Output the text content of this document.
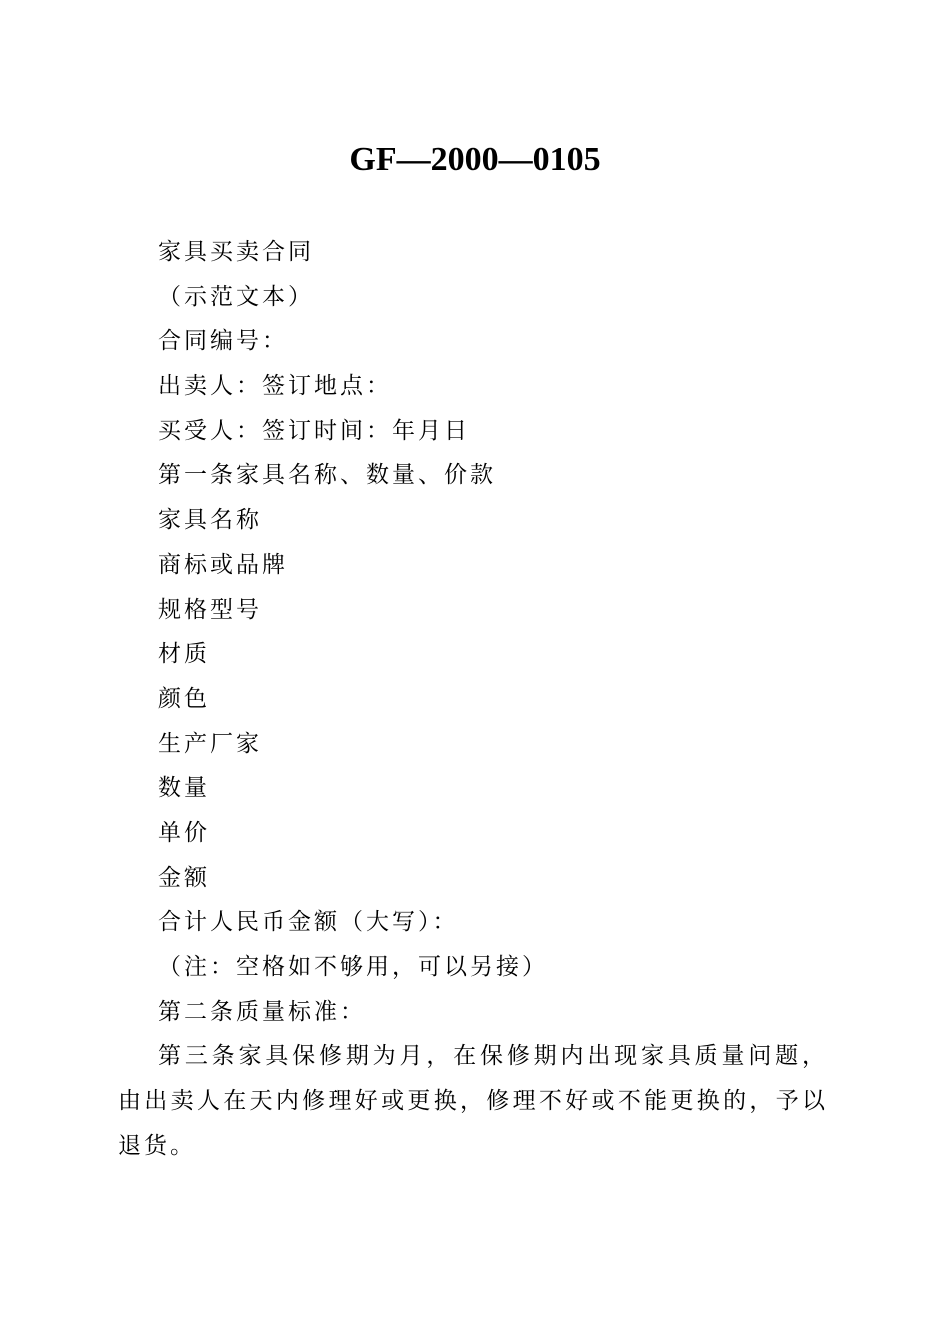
GF—2000—0105
家具买卖合同
（示范文本）
合同编号：
出卖人：签订地点：
买受人：签订时间：年月日
第一条家具名称、数量、价款
家具名称
商标或品牌
规格型号
材质
颜色
生产厂家
数量
单价
金额
合计人民币金额（大写）：
（注：空格如不够用，可以另接）
第二条质量标准：

第三条家具保修期为月，在保修期内出现家具质量问题，由出卖人在天内修理好或更换，修理不好或不能更换的，予以退货。
